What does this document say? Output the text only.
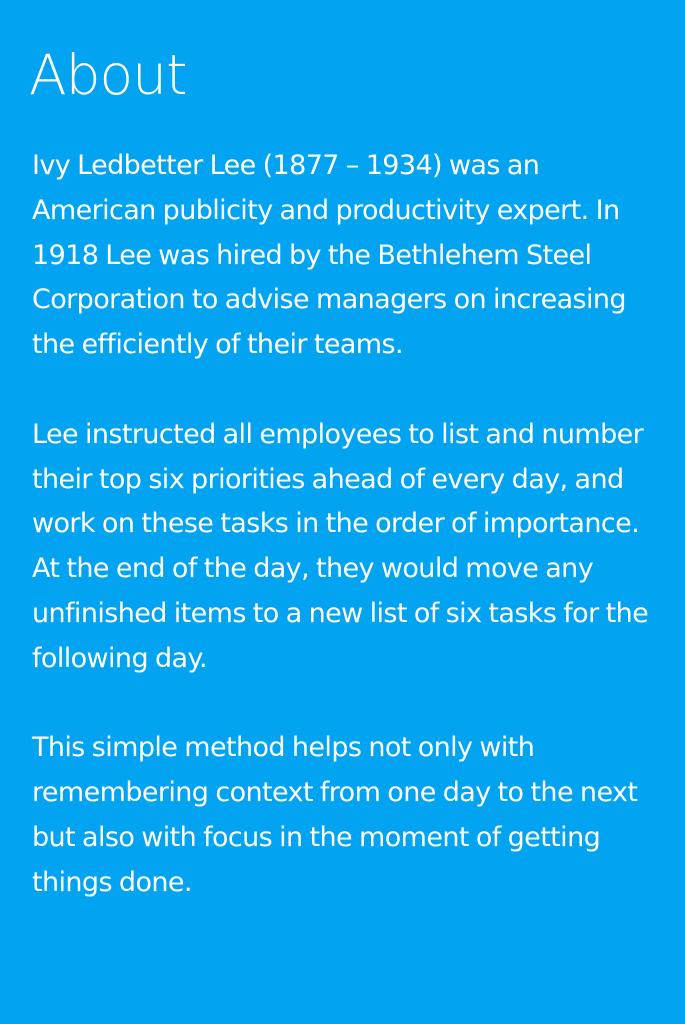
About

Ivy Ledbetter Lee (1877 – 1934) was an American publicity and productivity expert. In 1918 Lee was hired by the Bethlehem Steel Corporation to advise managers on increasing the efficiently of their teams.

Lee instructed all employees to list and number their top six priorities ahead of every day, and work on these tasks in the order of importance. At the end of the day, they would move any unfinished items to a new list of six tasks for the following day.

This simple method helps not only with remembering context from one day to the next but also with focus in the moment of getting things done.
